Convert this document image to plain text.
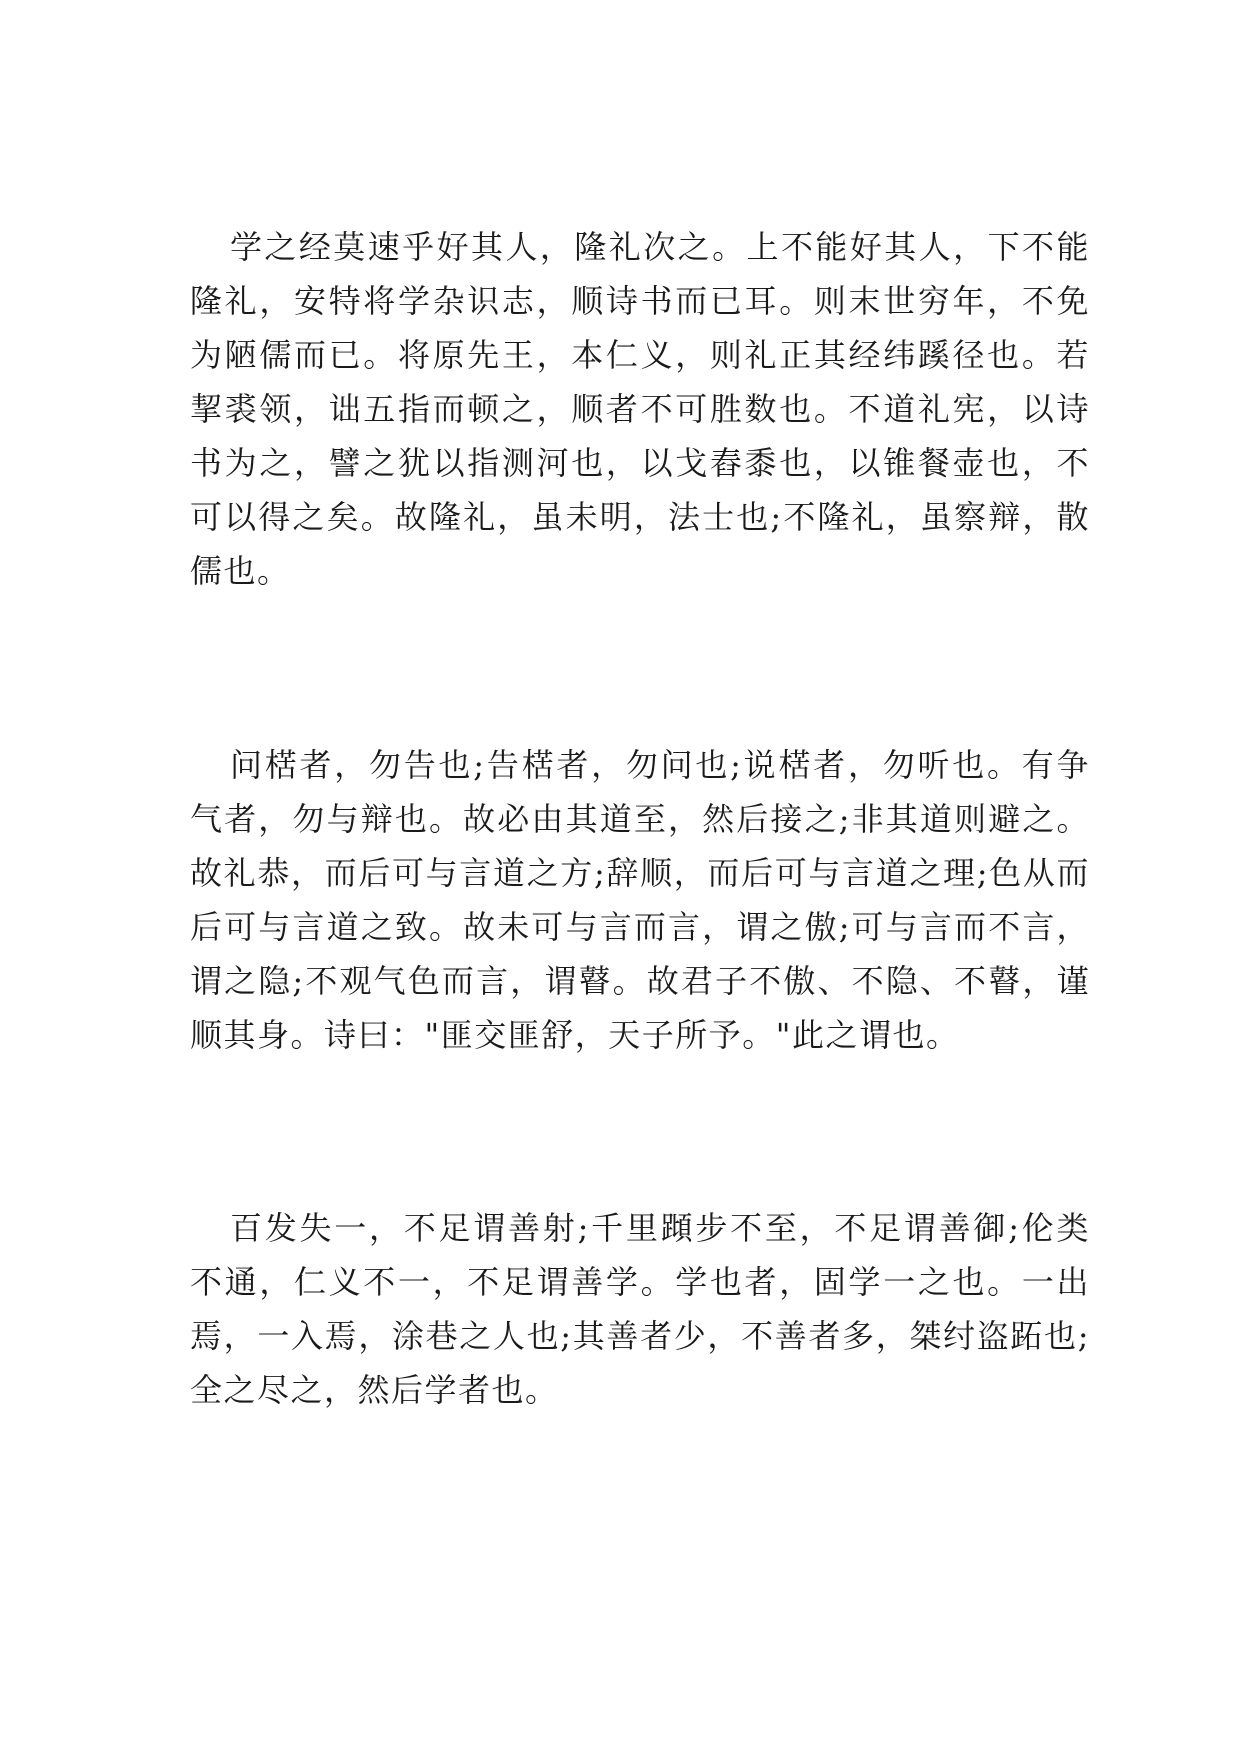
学之经莫速乎好其人，隆礼次之。上不能好其人，下不能隆礼，安特将学杂识志，顺诗书而已耳。则末世穷年，不免为陋儒而已。将原先王，本仁义，则礼正其经纬蹊径也。若挈裘领，诎五指而顿之，顺者不可胜数也。不道礼宪，以诗书为之，譬之犹以指测河也，以戈舂黍也，以锥餐壶也，不可以得之矣。故隆礼，虽未明，法士也;不隆礼，虽察辩，散儒也。

问楛者，勿告也;告楛者，勿问也;说楛者，勿听也。有争气者，勿与辩也。故必由其道至，然后接之;非其道则避之。故礼恭，而后可与言道之方;辞顺，而后可与言道之理;色从而后可与言道之致。故未可与言而言，谓之傲;可与言而不言，谓之隐;不观气色而言，谓瞽。故君子不傲、不隐、不瞽，谨顺其身。诗曰："匪交匪舒，天子所予。"此之谓也。

百发失一，不足谓善射;千里蹞步不至，不足谓善御;伦类不通，仁义不一，不足谓善学。学也者，固学一之也。一出焉，一入焉，涂巷之人也;其善者少，不善者多，桀纣盗跖也;全之尽之，然后学者也。
